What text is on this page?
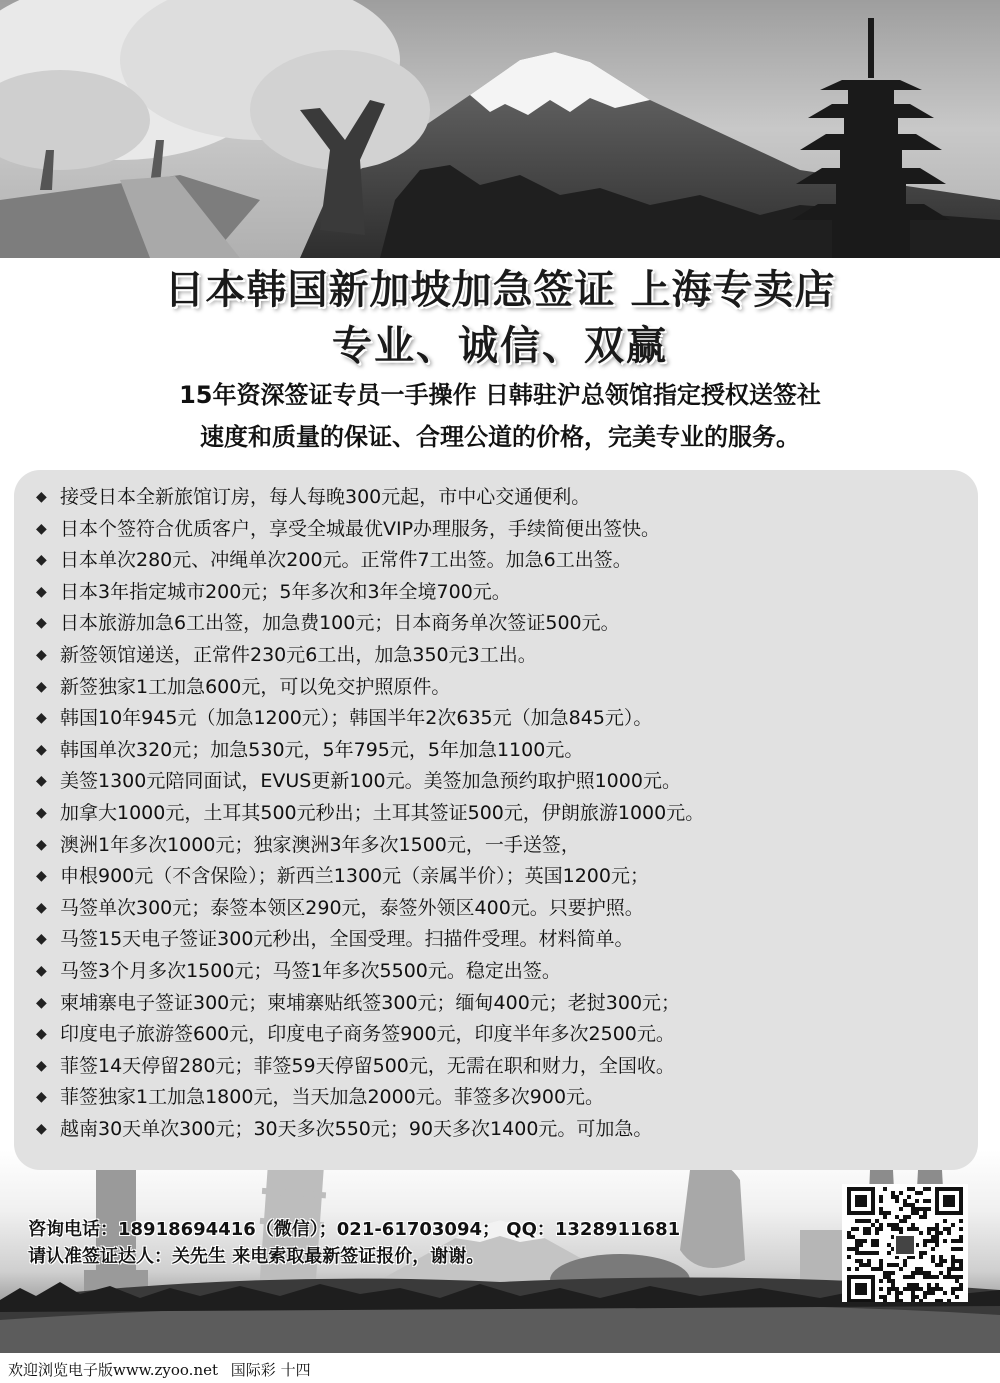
日本韩国新加坡加急签证 上海专卖店
专业、诚信、双赢
15年资深签证专员一手操作 日韩驻沪总领馆指定授权送签社
速度和质量的保证、合理公道的价格，完美专业的服务。
◆ 接受日本全新旅馆订房，每人每晚300元起，市中心交通便利。
◆ 日本个签符合优质客户，享受全城最优VIP办理服务，手续简便出签快。
◆ 日本单次280元、冲绳单次200元。正常件7工出签。加急6工出签。
◆ 日本3年指定城市200元；5年多次和3年全境700元。
◆ 日本旅游加急6工出签，加急费100元；日本商务单次签证500元。
◆ 新签领馆递送，正常件230元6工出，加急350元3工出。
◆ 新签独家1工加急600元，可以免交护照原件。
◆ 韩国10年945元（加急1200元）；韩国半年2次635元（加急845元）。
◆ 韩国单次320元；加急530元，5年795元，5年加急1100元。
◆ 美签1300元陪同面试，EVUS更新100元。美签加急预约取护照1000元。
◆ 加拿大1000元，土耳其500元秒出；土耳其签证500元，伊朗旅游1000元。
◆ 澳洲1年多次1000元；独家澳洲3年多次1500元，一手送签，
◆ 申根900元（不含保险）；新西兰1300元（亲属半价）；英国1200元；
◆ 马签单次300元；泰签本领区290元，泰签外领区400元。只要护照。
◆ 马签15天电子签证300元秒出，全国受理。扫描件受理。材料简单。
◆ 马签3个月多次1500元；马签1年多次5500元。稳定出签。
◆ 柬埔寨电子签证300元；柬埔寨贴纸签300元；缅甸400元；老挝300元；
◆ 印度电子旅游签600元，印度电子商务签900元，印度半年多次2500元。
◆ 菲签14天停留280元；菲签59天停留500元，无需在职和财力，全国收。
◆ 菲签独家1工加急1800元，当天加急2000元。菲签多次900元。
◆ 越南30天单次300元；30天多次550元；90天多次1400元。可加急。
咨询电话：18918694416（微信）；021-61703094； QQ：1328911681
请认准签证达人：关先生 来电索取最新签证报价，谢谢。
欢迎浏览电子版www.zyoo.net 国际彩 十四
